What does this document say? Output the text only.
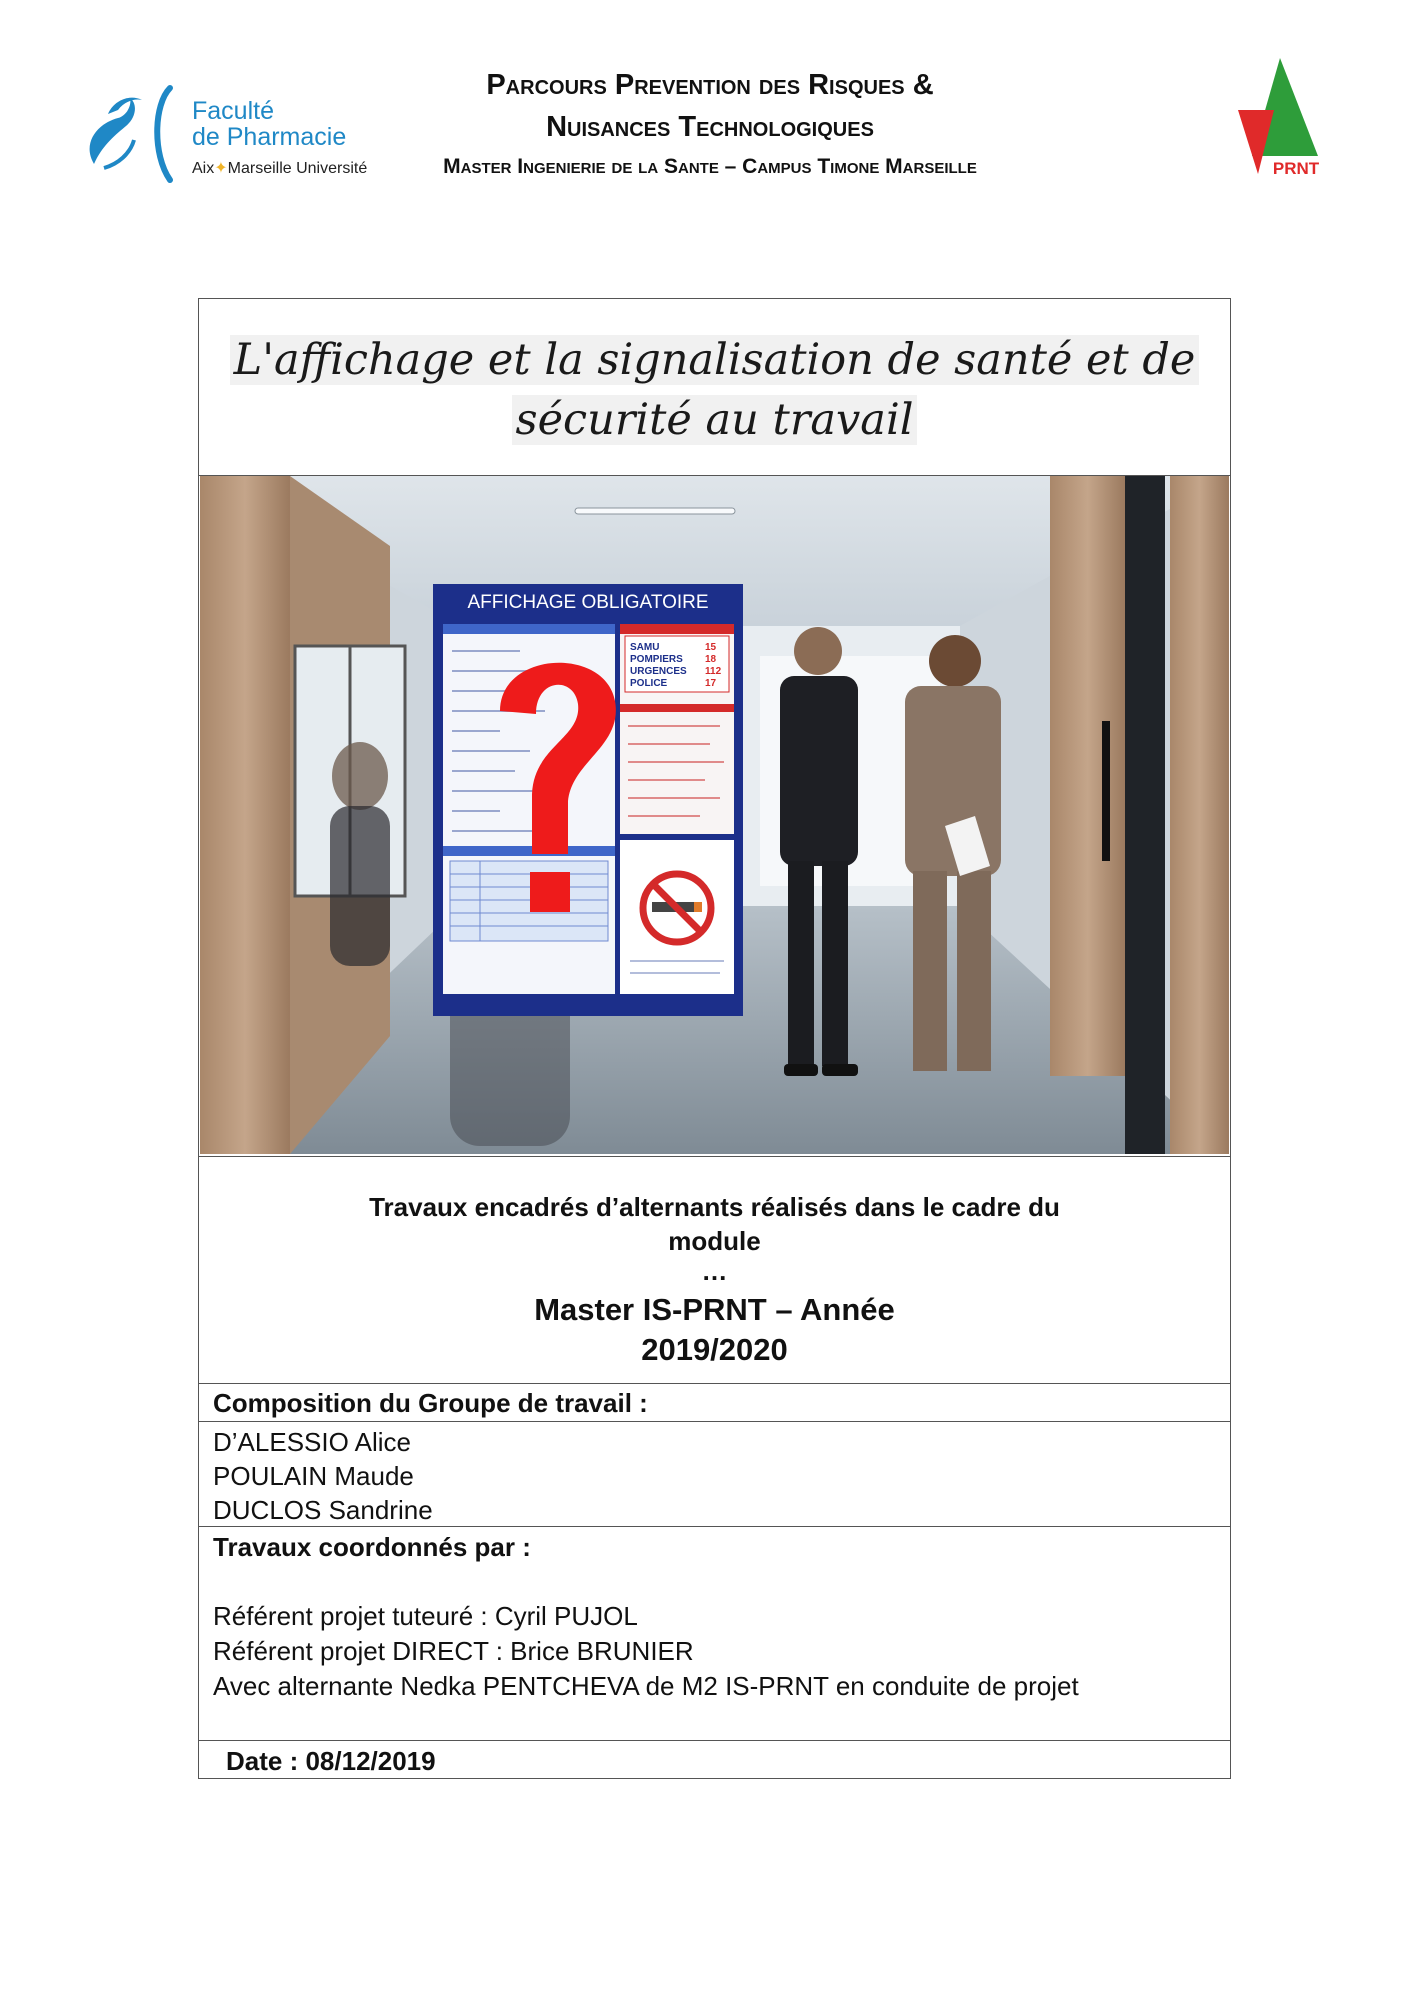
Faculté
de Pharmacie
Aix✦Marseille Université
Parcours Prevention des Risques &
Nuisances Technologiques
Master Ingenierie de la Sante – Campus Timone Marseille	PRNT
L'affichage et la signalisation de santé et de
sécurité au travail
AFFICHAGE OBLIGATOIRE
SAMU
POMPIERS
URGENCES
POLICE
15
18
112
17
Travaux encadrés d’alternants réalisés dans le cadre du
module
…
Master IS-PRNT – Année
2019/2020
Composition du Groupe de travail :
D’ALESSIO Alice
POULAIN Maude
DUCLOS Sandrine
Travaux coordonnés par :
Référent projet tuteuré : Cyril PUJOL
Référent projet DIRECT : Brice BRUNIER
Avec alternante Nedka PENTCHEVA de M2 IS-PRNT en conduite de projet
Date : 08/12/2019
